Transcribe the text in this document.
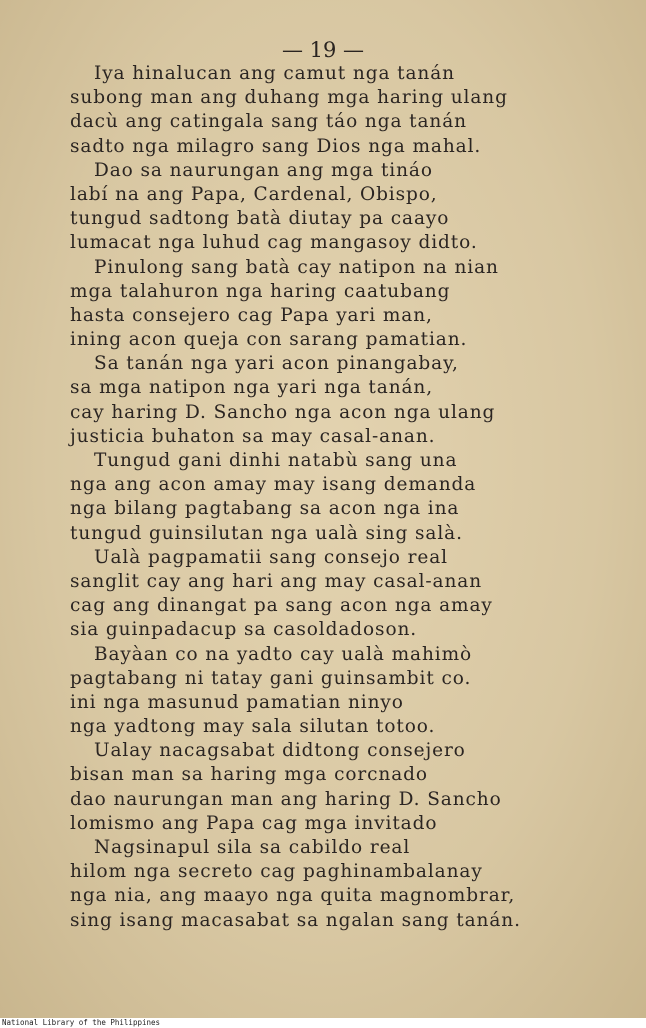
— 19 —
Iya hinalucan ang camut nga tanán
subong man ang duhang mga haring ulang
dacù ang catingala sang táo nga tanán
sadto nga milagro sang Dios nga mahal.
Dao sa naurungan ang mga tináo
labí na ang Papa, Cardenal, Obispo,
tungud sadtong batà diutay pa caayo
lumacat nga luhud cag mangasoy didto.
Pinulong sang batà cay natipon na nian
mga talahuron nga haring caatubang
hasta consejero cag Papa yari man,
ining acon queja con sarang pamatian.
Sa tanán nga yari acon pinangabay,
sa mga natipon nga yari nga tanán,
cay haring D. Sancho nga acon nga ulang
justicia buhaton sa may casal-anan.
Tungud gani dinhi natabù sang una
nga ang acon amay may isang demanda
nga bilang pagtabang sa acon nga ina
tungud guinsilutan nga ualà sing salà.
Ualà pagpamatii sang consejo real
sanglit cay ang hari ang may casal-anan
cag ang dinangat pa sang acon nga amay
sia guinpadacup sa casoldadoson.
Bayàan co na yadto cay ualà mahimò
pagtabang ni tatay gani guinsambit co.
ini nga masunud pamatian ninyo
nga yadtong may sala silutan totoo.
Ualay nacagsabat didtong consejero
bisan man sa haring mga corcnado
dao naurungan man ang haring D. Sancho
lomismo ang Papa cag mga invitado
Nagsinapul sila sa cabildo real
hilom nga secreto cag paghinambalanay
nga nia, ang maayo nga quita magnombrar,
sing isang macasabat sa ngalan sang tanán.
National Library of the Philippines
